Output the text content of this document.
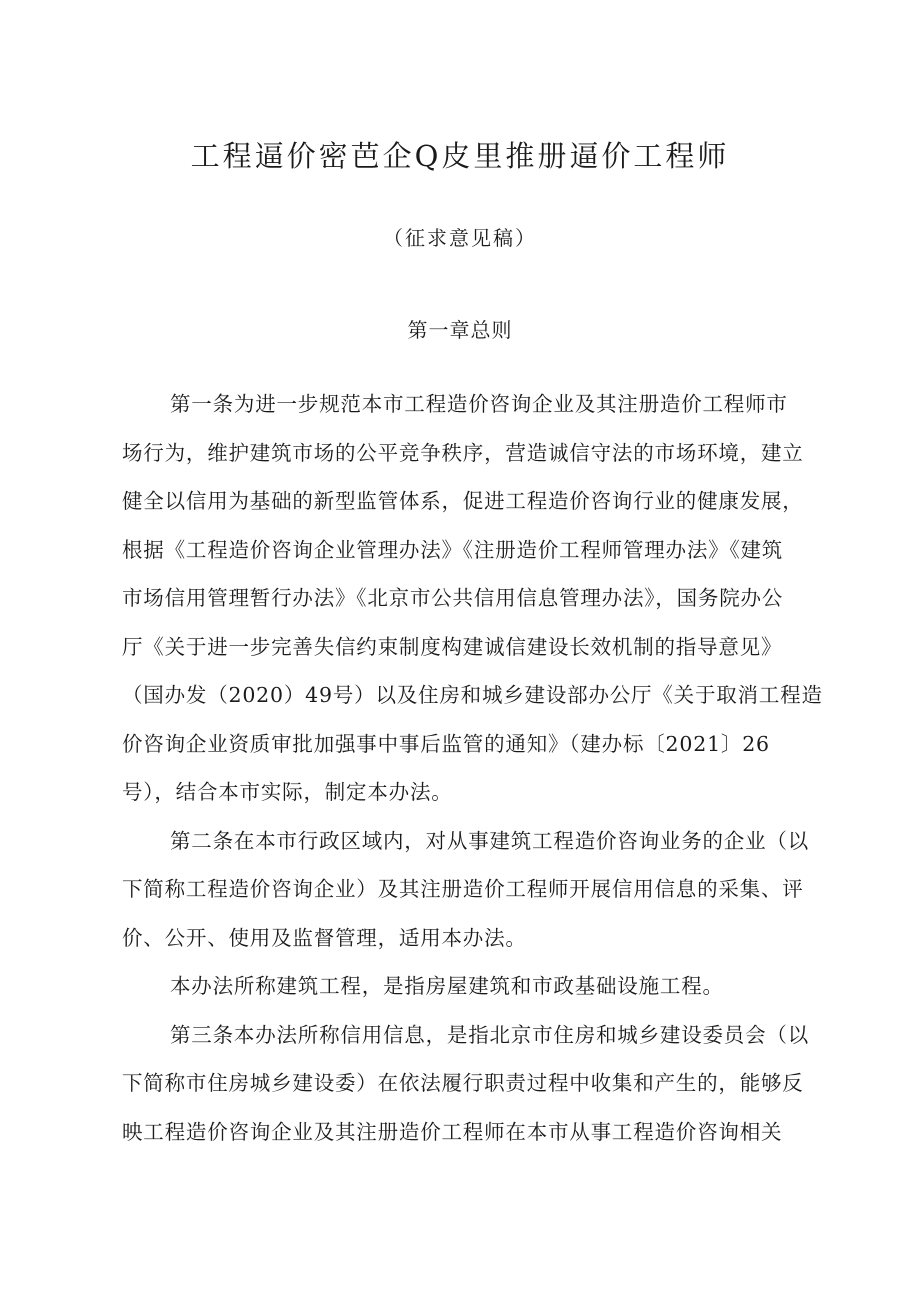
工程逼价密芭企Q皮里推册逼价工程师
（征求意见稿）
第一章总则
第一条为进一步规范本市工程造价咨询企业及其注册造价工程师市
场行为，维护建筑市场的公平竞争秩序，营造诚信守法的市场环境，建立
健全以信用为基础的新型监管体系，促进工程造价咨询行业的健康发展，
根据《工程造价咨询企业管理办法》《注册造价工程师管理办法》《建筑
市场信用管理暂行办法》《北京市公共信用信息管理办法》，国务院办公
厅《关于进一步完善失信约束制度构建诚信建设长效机制的指导意见》
（国办发（2020）49号）以及住房和城乡建设部办公厅《关于取消工程造
价咨询企业资质审批加强事中事后监管的通知》（建办标〔2021〕26
号），结合本市实际，制定本办法。
第二条在本市行政区域内，对从事建筑工程造价咨询业务的企业（以
下简称工程造价咨询企业）及其注册造价工程师开展信用信息的采集、评
价、公开、使用及监督管理，适用本办法。
本办法所称建筑工程，是指房屋建筑和市政基础设施工程。
第三条本办法所称信用信息，是指北京市住房和城乡建设委员会（以
下简称市住房城乡建设委）在依法履行职责过程中收集和产生的，能够反
映工程造价咨询企业及其注册造价工程师在本市从事工程造价咨询相关
